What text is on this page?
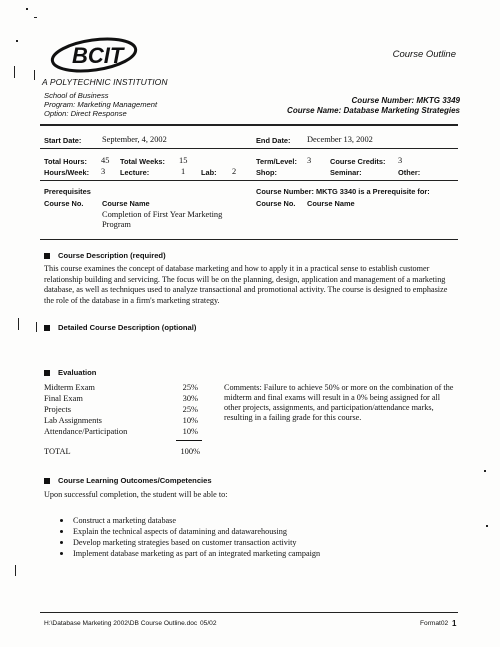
BCIT
A POLYTECHNIC INSTITUTION
Course Outline
School of Business
Program: Marketing Management
Option: Direct Response
Course Number: MKTG 3349
Course Name: Database Marketing Strategies
Start Date: September, 4, 2002	End Date: December 13, 2002
Total Hours: 45 Total Weeks: 15	Term/Level: 3	Course Credits: 3
Hours/Week: 3 Lecture:	1 Lab: 2	Shop:	Seminar:	Other:
Prerequisites
Course No.	Course Name
Completion of First Year Marketing Program
Course Number: MKTG 3340 is a Prerequisite for:
Course No. Course Name
Course Description (required)
This course examines the concept of database marketing and how to apply it in a practical sense to establish customer relationship building and servicing. The focus will be on the planning, design, application and management of a marketing database, as well as techniques used to analyze transactional and promotional activity. The course is designed to emphasize the role of the database in a firm's marketing strategy.
Detailed Course Description (optional)
Evaluation
Midterm Exam	25%
Final Exam	30%
Projects	25%
Lab Assignments	10%
Attendance/Participation	10%
TOTAL	100%
Comments: Failure to achieve 50% or more on the combination of the midterm and final exams will result in a 0% being assigned for all other projects, assignments, and participation/attendance marks, resulting in a failing grade for this course.
Course Learning Outcomes/Competencies
Upon successful completion, the student will be able to:
Construct a marketing database
Explain the technical aspects of datamining and datawarehousing
Develop marketing strategies based on customer transaction activity
Implement database marketing as part of an integrated marketing campaign
H:\Database Marketing 2002\DB Course Outline.doc 05/02	Format02 1
